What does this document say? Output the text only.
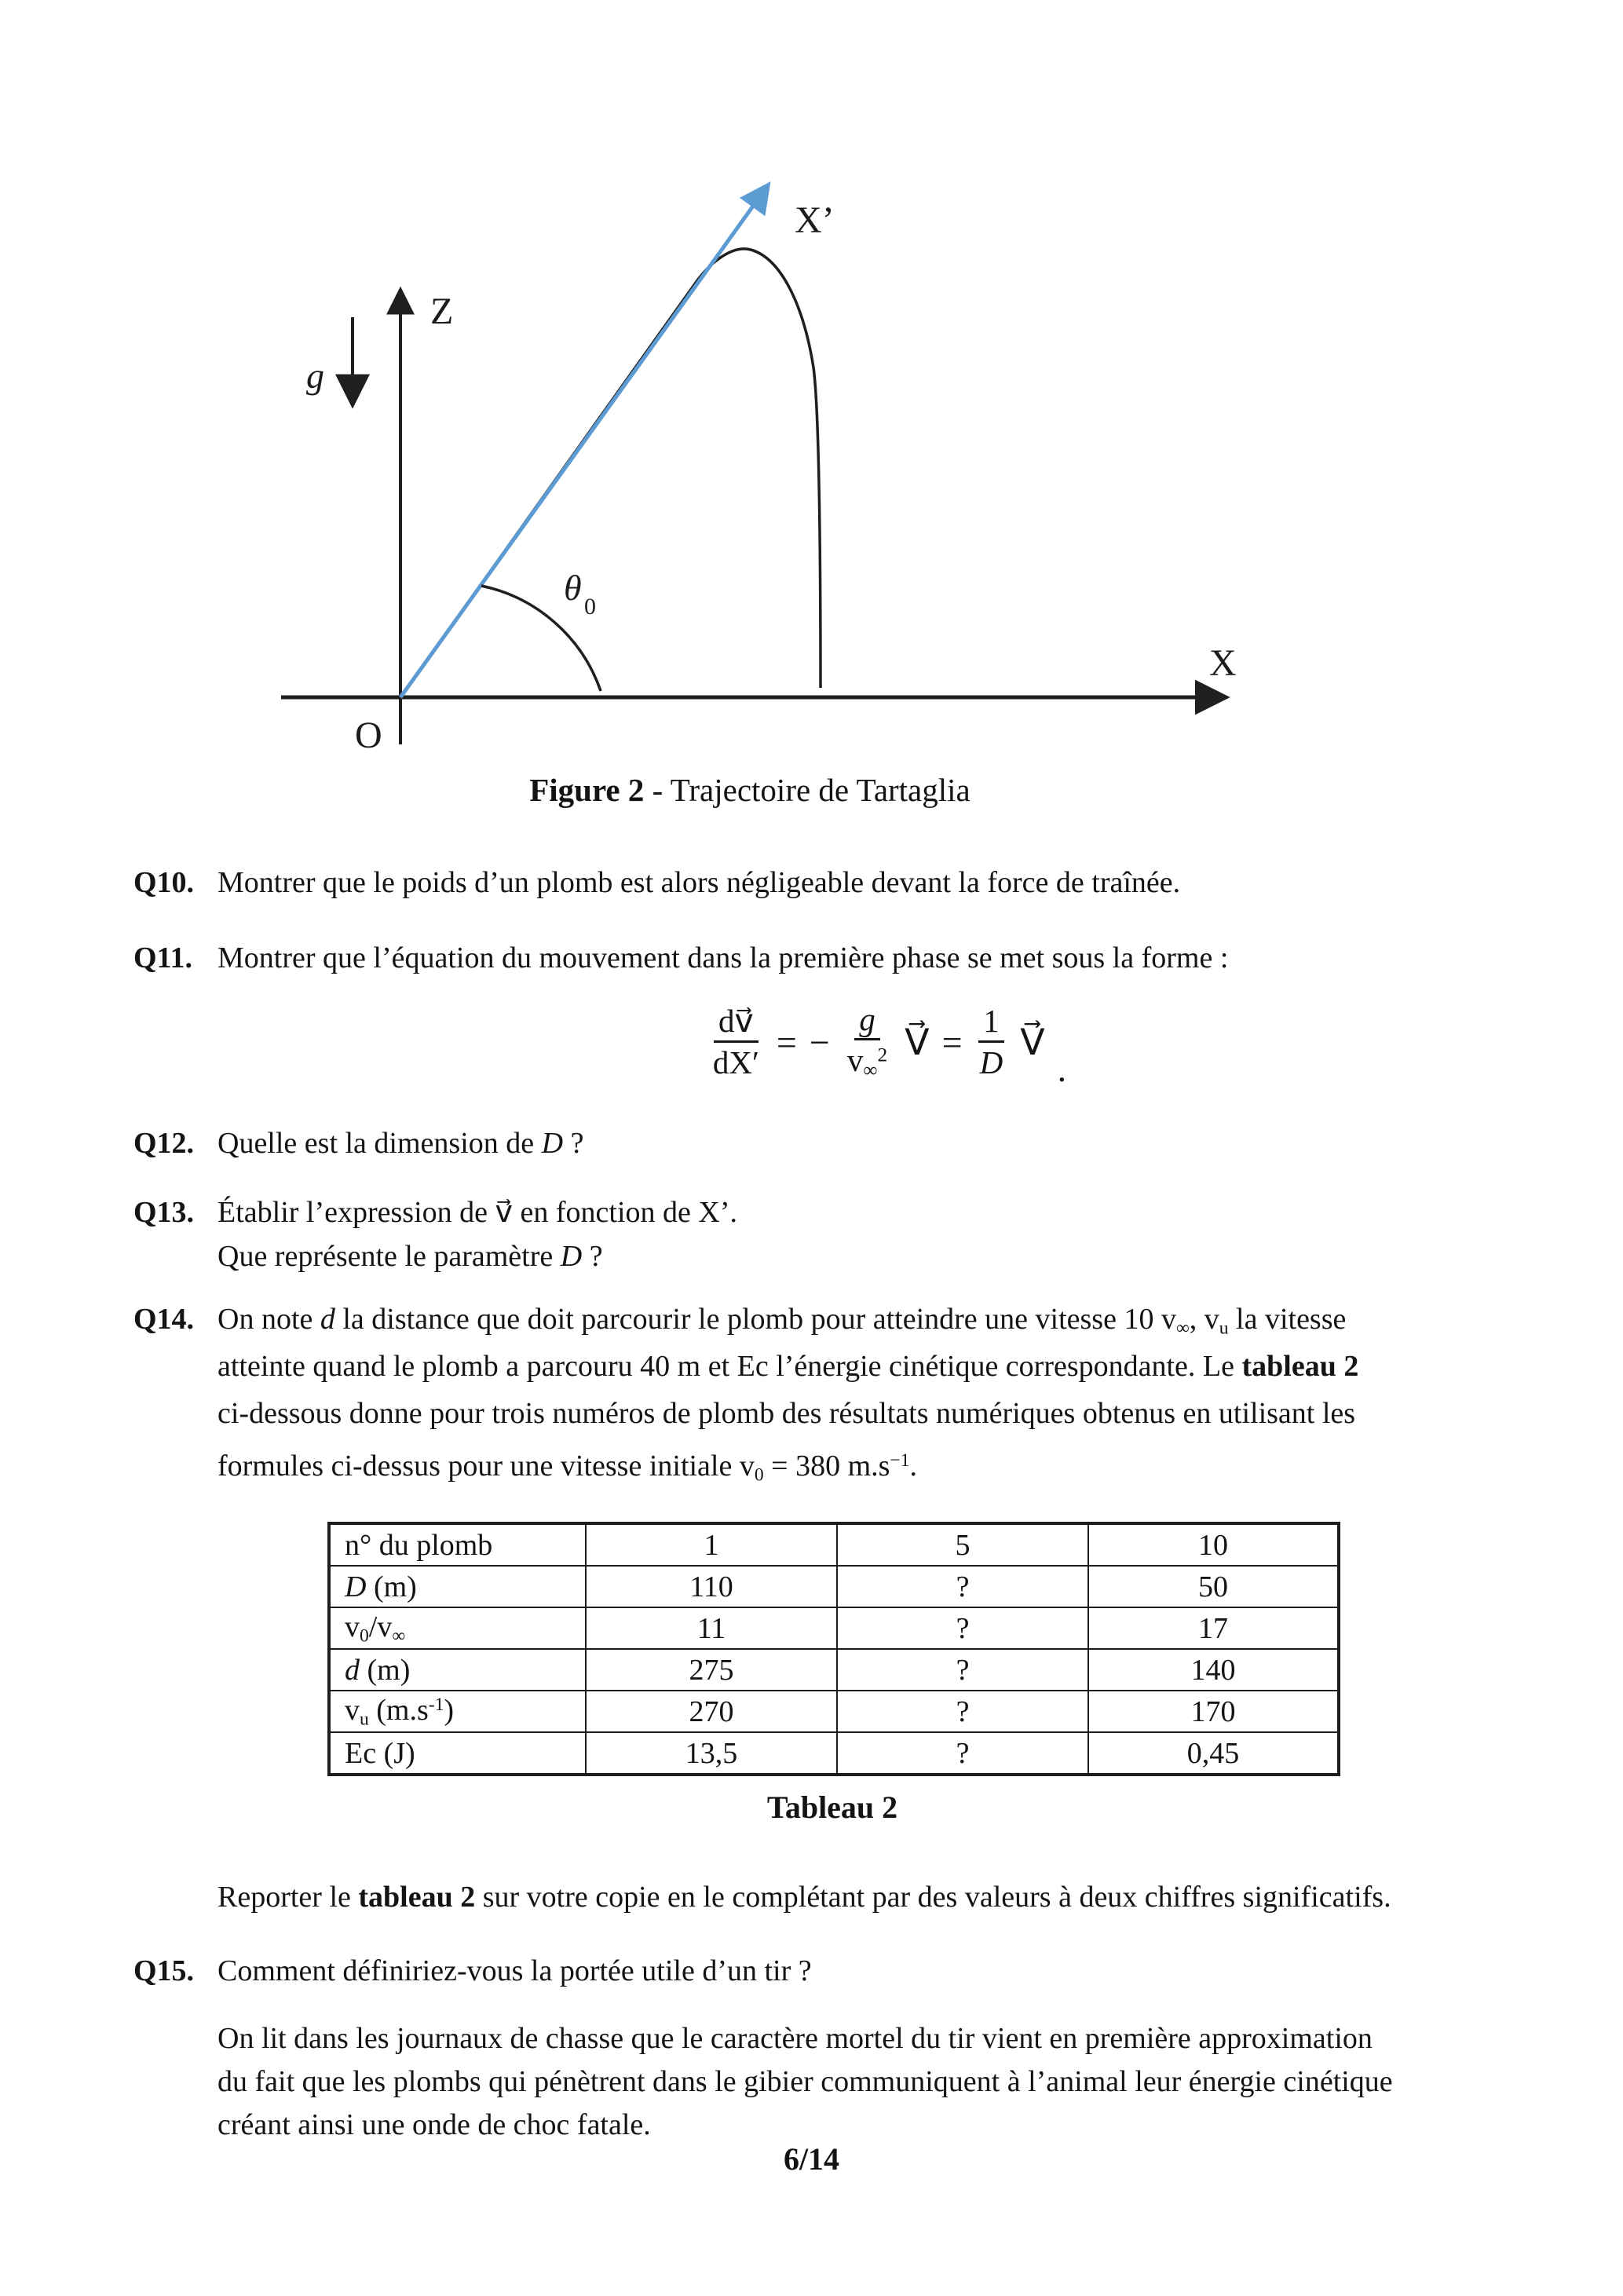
Z
X
X’
O
g⃗
θ 0
Figure 2 - Trajectoire de Tartaglia
Q10. Montrer que le poids d’un plomb est alors négligeable devant la force de traînée.
Q11. Montrer que l’équation du mouvement dans la première phase se met sous la forme :
$\frac{dv⃗}{dX'}$ = − $\frac{g}{v\infty^2}$ V⃗ = $\frac{1}{D}$ V⃗
.
Q12. Quelle est la dimension de D ?
Q13. Établir l’expression de v⃗ en fonction de X’.
Que représente le paramètre D ?
Q14. On note d la distance que doit parcourir le plomb pour atteindre une vitesse 10 v∞, vu la vitesse
atteinte quand le plomb a parcouru 40 m et Ec l’énergie cinétique correspondante. Le tableau 2
ci-dessous donne pour trois numéros de plomb des résultats numériques obtenus en utilisant les
formules ci-dessus pour une vitesse initiale v0 = 380 $m.s^{-1}$.
n° du plomb	1	5	10
D (m)	110	?	50
v0/v∞	11	?	17
d (m)	275	?	140
vu $(m.s^{-1})$	270	?	170
Ec (J)	13,5	?	0,45
Tableau 2
Reporter le tableau 2 sur votre copie en le complétant par des valeurs à deux chiffres significatifs.
Q15. Comment définiriez-vous la portée utile d’un tir ?
On lit dans les journaux de chasse que le caractère mortel du tir vient en première approximation
du fait que les plombs qui pénètrent dans le gibier communiquent à l’animal leur énergie cinétique
créant ainsi une onde de choc fatale.
6/14
